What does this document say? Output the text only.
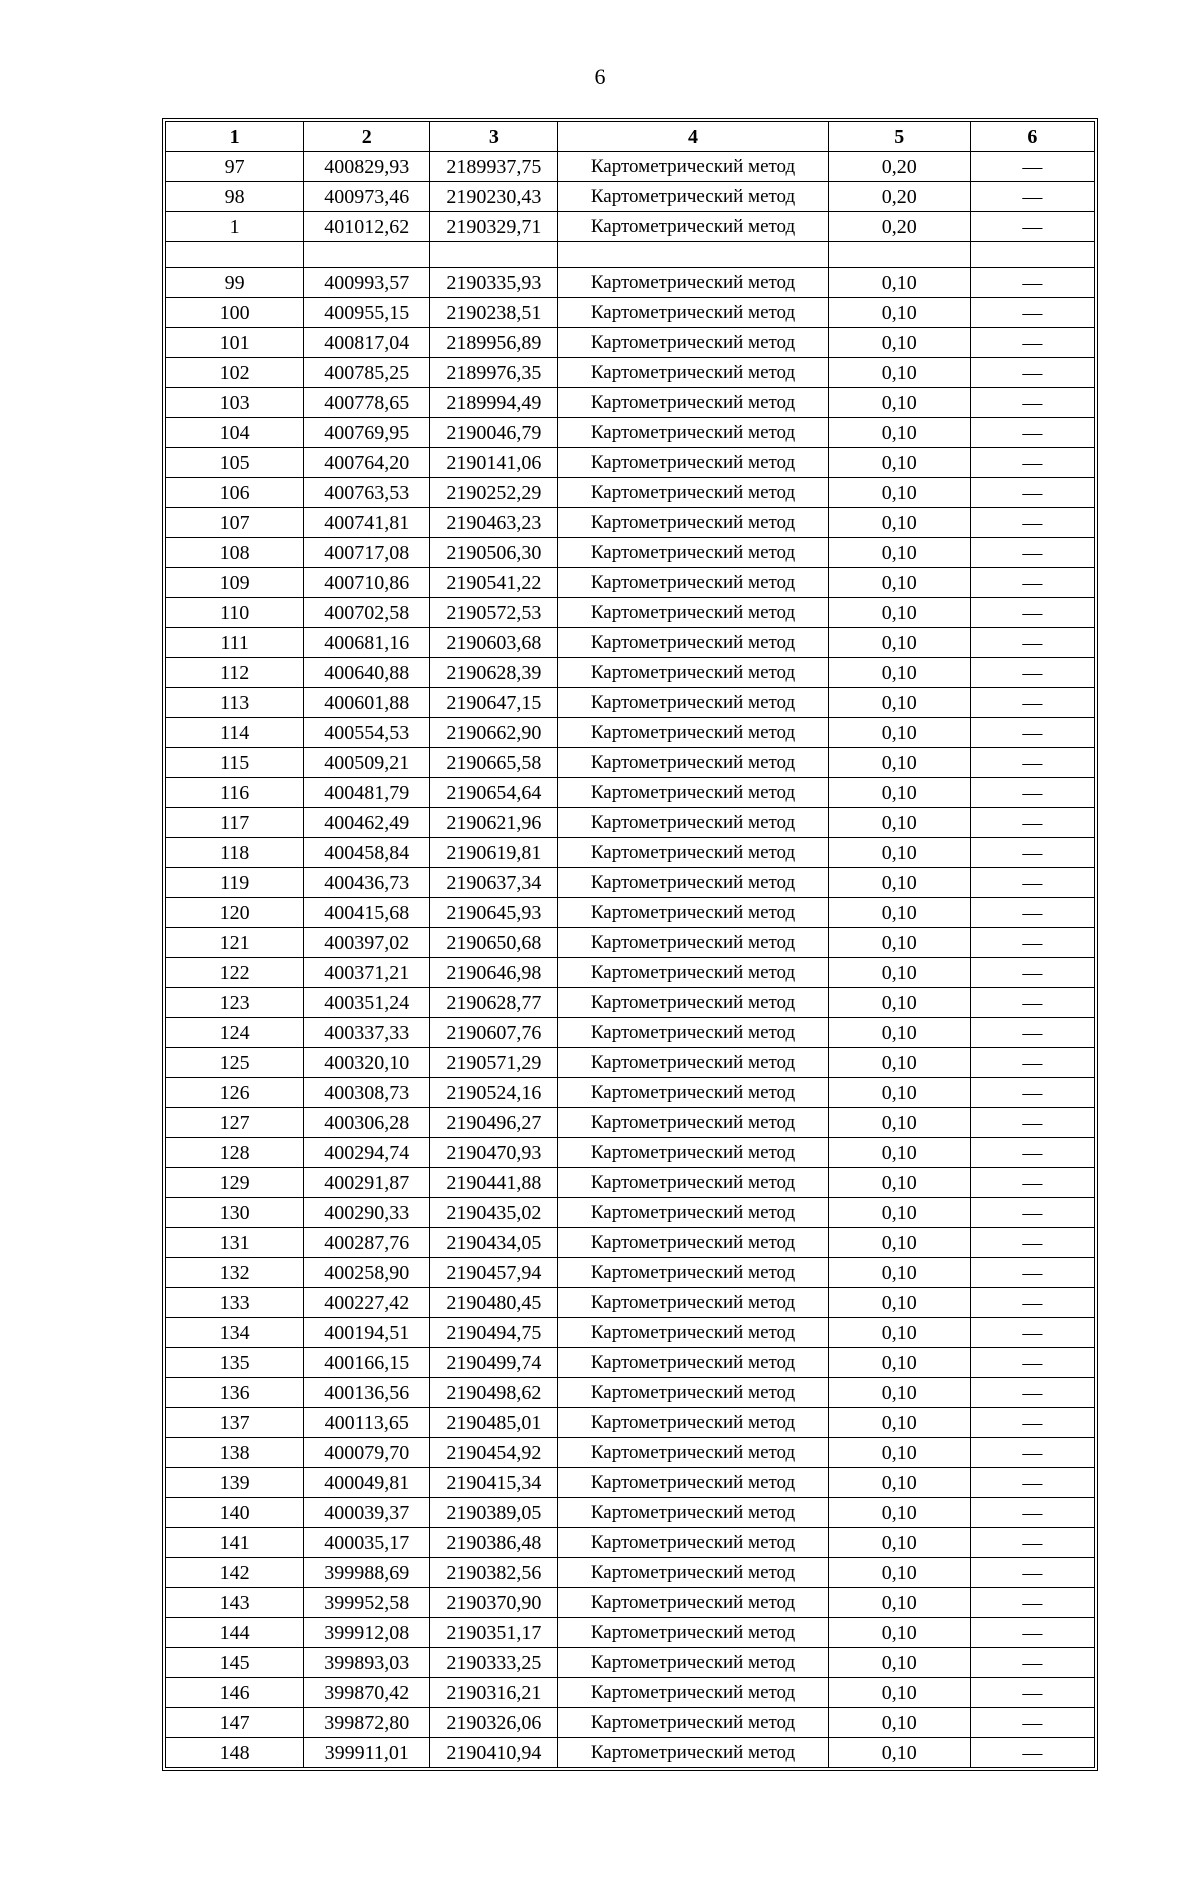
6
1	2	3	4	5	6
97	400829,93	2189937,75	Картометрический метод	0,20	—
98	400973,46	2190230,43	Картометрический метод	0,20	—
1	401012,62	2190329,71	Картометрический метод	0,20	—

99	400993,57	2190335,93	Картометрический метод	0,10	—
100	400955,15	2190238,51	Картометрический метод	0,10	—
101	400817,04	2189956,89	Картометрический метод	0,10	—
102	400785,25	2189976,35	Картометрический метод	0,10	—
103	400778,65	2189994,49	Картометрический метод	0,10	—
104	400769,95	2190046,79	Картометрический метод	0,10	—
105	400764,20	2190141,06	Картометрический метод	0,10	—
106	400763,53	2190252,29	Картометрический метод	0,10	—
107	400741,81	2190463,23	Картометрический метод	0,10	—
108	400717,08	2190506,30	Картометрический метод	0,10	—
109	400710,86	2190541,22	Картометрический метод	0,10	—
110	400702,58	2190572,53	Картометрический метод	0,10	—
111	400681,16	2190603,68	Картометрический метод	0,10	—
112	400640,88	2190628,39	Картометрический метод	0,10	—
113	400601,88	2190647,15	Картометрический метод	0,10	—
114	400554,53	2190662,90	Картометрический метод	0,10	—
115	400509,21	2190665,58	Картометрический метод	0,10	—
116	400481,79	2190654,64	Картометрический метод	0,10	—
117	400462,49	2190621,96	Картометрический метод	0,10	—
118	400458,84	2190619,81	Картометрический метод	0,10	—
119	400436,73	2190637,34	Картометрический метод	0,10	—
120	400415,68	2190645,93	Картометрический метод	0,10	—
121	400397,02	2190650,68	Картометрический метод	0,10	—
122	400371,21	2190646,98	Картометрический метод	0,10	—
123	400351,24	2190628,77	Картометрический метод	0,10	—
124	400337,33	2190607,76	Картометрический метод	0,10	—
125	400320,10	2190571,29	Картометрический метод	0,10	—
126	400308,73	2190524,16	Картометрический метод	0,10	—
127	400306,28	2190496,27	Картометрический метод	0,10	—
128	400294,74	2190470,93	Картометрический метод	0,10	—
129	400291,87	2190441,88	Картометрический метод	0,10	—
130	400290,33	2190435,02	Картометрический метод	0,10	—
131	400287,76	2190434,05	Картометрический метод	0,10	—
132	400258,90	2190457,94	Картометрический метод	0,10	—
133	400227,42	2190480,45	Картометрический метод	0,10	—
134	400194,51	2190494,75	Картометрический метод	0,10	—
135	400166,15	2190499,74	Картометрический метод	0,10	—
136	400136,56	2190498,62	Картометрический метод	0,10	—
137	400113,65	2190485,01	Картометрический метод	0,10	—
138	400079,70	2190454,92	Картометрический метод	0,10	—
139	400049,81	2190415,34	Картометрический метод	0,10	—
140	400039,37	2190389,05	Картометрический метод	0,10	—
141	400035,17	2190386,48	Картометрический метод	0,10	—
142	399988,69	2190382,56	Картометрический метод	0,10	—
143	399952,58	2190370,90	Картометрический метод	0,10	—
144	399912,08	2190351,17	Картометрический метод	0,10	—
145	399893,03	2190333,25	Картометрический метод	0,10	—
146	399870,42	2190316,21	Картометрический метод	0,10	—
147	399872,80	2190326,06	Картометрический метод	0,10	—
148	399911,01	2190410,94	Картометрический метод	0,10	—
